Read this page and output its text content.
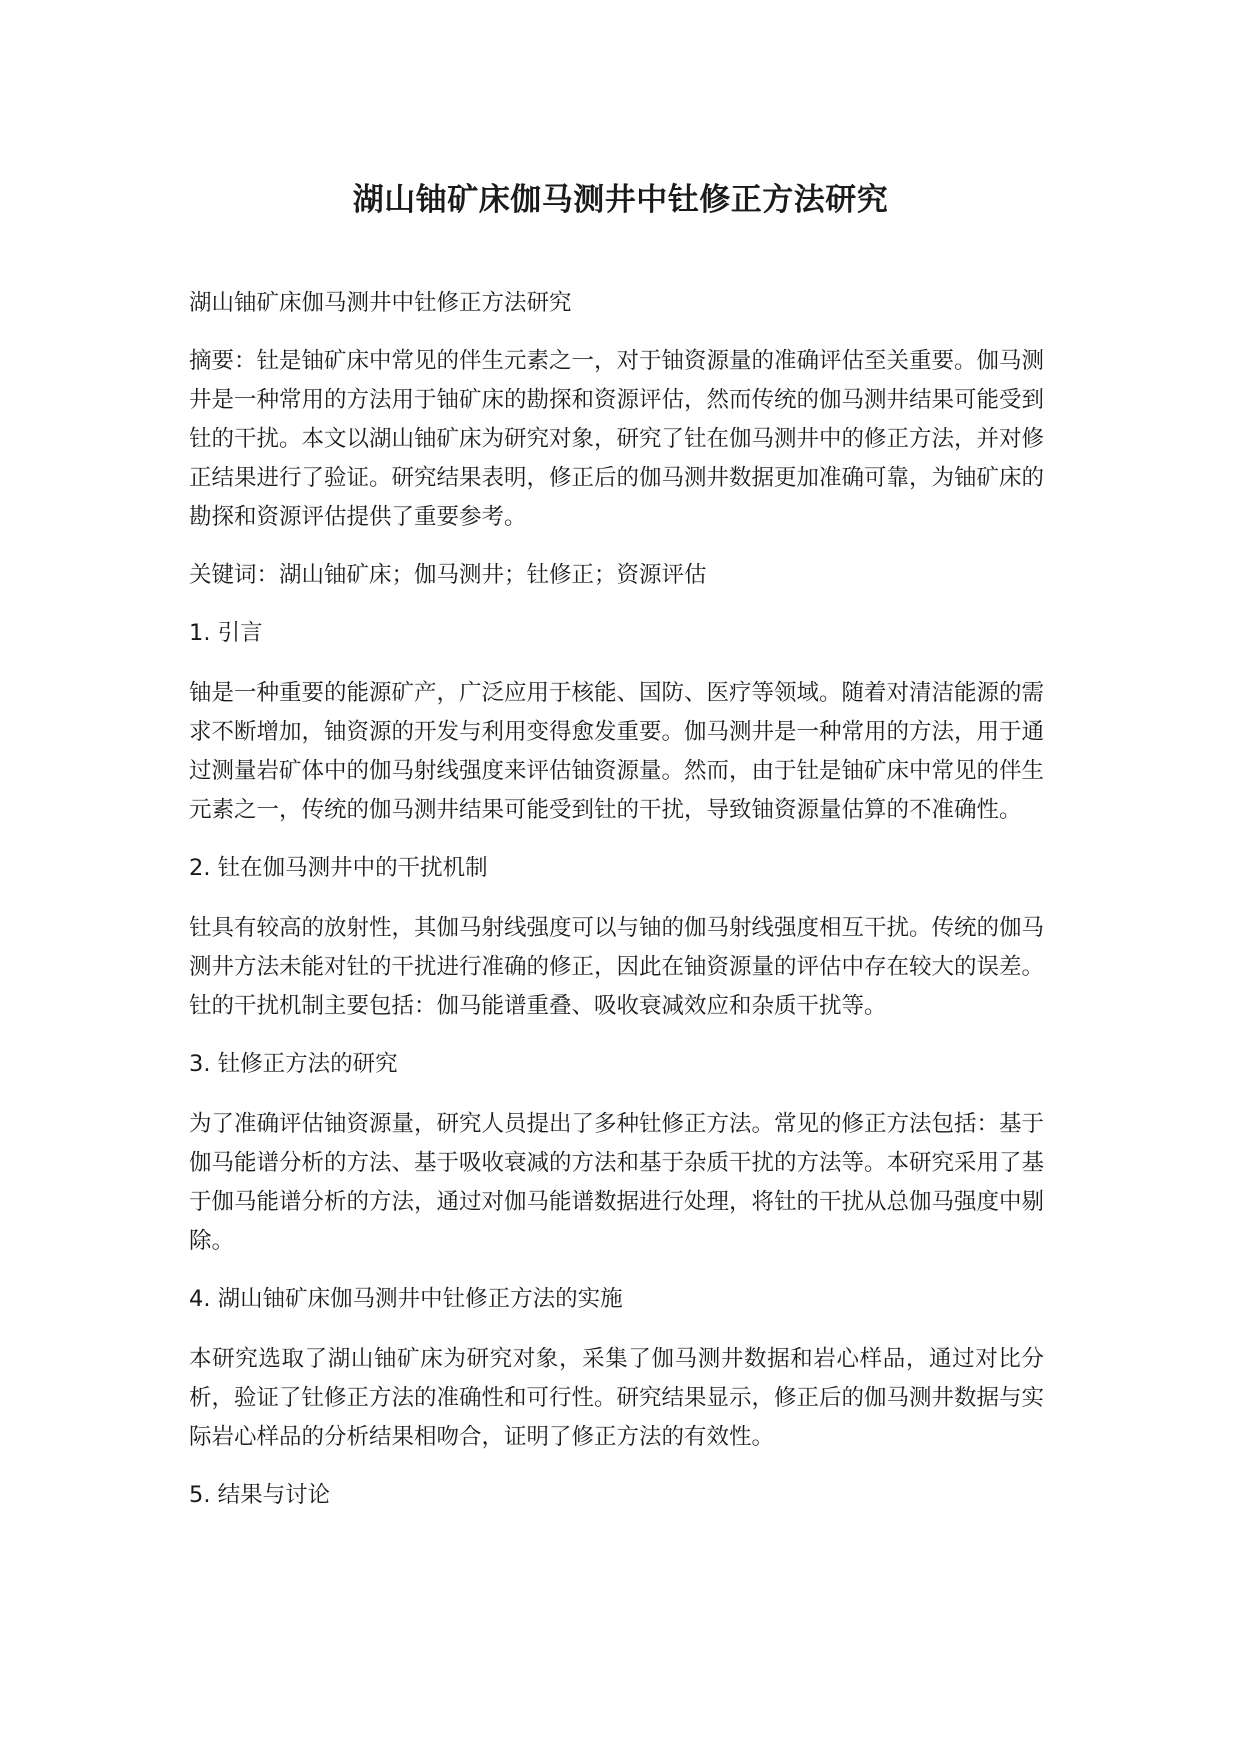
湖山铀矿床伽马测井中钍修正方法研究

湖山铀矿床伽马测井中钍修正方法研究

摘要：钍是铀矿床中常见的伴生元素之一，对于铀资源量的准确评估至关重要。伽马测井是一种常用的方法用于铀矿床的勘探和资源评估，然而传统的伽马测井结果可能受到钍的干扰。本文以湖山铀矿床为研究对象，研究了钍在伽马测井中的修正方法，并对修正结果进行了验证。研究结果表明，修正后的伽马测井数据更加准确可靠，为铀矿床的勘探和资源评估提供了重要参考。

关键词：湖山铀矿床；伽马测井；钍修正；资源评估

1. 引言

铀是一种重要的能源矿产，广泛应用于核能、国防、医疗等领域。随着对清洁能源的需求不断增加，铀资源的开发与利用变得愈发重要。伽马测井是一种常用的方法，用于通过测量岩矿体中的伽马射线强度来评估铀资源量。然而，由于钍是铀矿床中常见的伴生元素之一，传统的伽马测井结果可能受到钍的干扰，导致铀资源量估算的不准确性。

2. 钍在伽马测井中的干扰机制

钍具有较高的放射性，其伽马射线强度可以与铀的伽马射线强度相互干扰。传统的伽马测井方法未能对钍的干扰进行准确的修正，因此在铀资源量的评估中存在较大的误差。钍的干扰机制主要包括：伽马能谱重叠、吸收衰减效应和杂质干扰等。

3. 钍修正方法的研究

为了准确评估铀资源量，研究人员提出了多种钍修正方法。常见的修正方法包括：基于伽马能谱分析的方法、基于吸收衰减的方法和基于杂质干扰的方法等。本研究采用了基于伽马能谱分析的方法，通过对伽马能谱数据进行处理，将钍的干扰从总伽马强度中剔除。

4. 湖山铀矿床伽马测井中钍修正方法的实施

本研究选取了湖山铀矿床为研究对象，采集了伽马测井数据和岩心样品，通过对比分析，验证了钍修正方法的准确性和可行性。研究结果显示，修正后的伽马测井数据与实际岩心样品的分析结果相吻合，证明了修正方法的有效性。

5. 结果与讨论
